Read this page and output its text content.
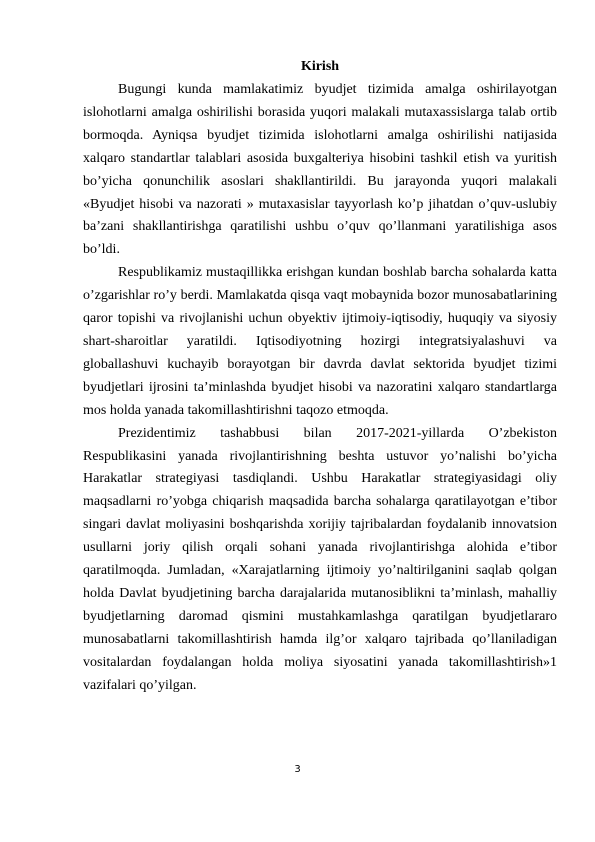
Kirish

Bugungi kunda mamlakatimiz byudjet tizimida amalga oshirilayotgan islohotlarni amalga oshirilishi borasida yuqori malakali mutaxassislarga talab ortib bormoqda. Ayniqsa byudjet tizimida islohotlarni amalga oshirilishi natijasida xalqaro standartlar talablari asosida buxgalteriya hisobini tashkil etish va yuritish bo’yicha qonunchilik asoslari shakllantirildi. Bu jarayonda yuqori malakali «Byudjet hisobi va nazorati » mutaxasislar tayyorlash ko’p jihatdan o’quv-uslubiy ba’zani shakllantirishga qaratilishi ushbu o’quv qo’llanmani yaratilishiga asos bo’ldi.

Respublikamiz mustaqillikka erishgan kundan boshlab barcha sohalarda katta o’zgarishlar ro’y berdi. Mamlakatda qisqa vaqt mobaynida bozor munosabatlarining qaror topishi va rivojlanishi uchun obyektiv ijtimoiy-iqtisodiy, huquqiy va siyosiy shart-sharoitlar yaratildi. Iqtisodiyotning hozirgi integratsiyalashuvi va globallashuvi kuchayib borayotgan bir davrda davlat sektorida byudjet tizimi byudjetlari ijrosini ta’minlashda byudjet hisobi va nazoratini xalqaro standartlarga mos holda yanada takomillashtirishni taqozo etmoqda.

Prezidentimiz tashabbusi bilan 2017-2021-yillarda O’zbekiston Respublikasini yanada rivojlantirishning beshta ustuvor yo’nalishi bo’yicha Harakatlar strategiyasi tasdiqlandi. Ushbu Harakatlar strategiyasidagi oliy maqsadlarni ro’yobga chiqarish maqsadida barcha sohalarga qaratilayotgan e’tibor singari davlat moliyasini boshqarishda xorijiy tajribalardan foydalanib innovatsion usullarni joriy qilish orqali sohani yanada rivojlantirishga alohida e’tibor qaratilmoqda. Jumladan, «Xarajatlarning ijtimoiy yo’naltirilganini saqlab qolgan holda Davlat byudjetining barcha darajalarida mutanosiblikni ta’minlash, mahalliy byudjetlarning daromad qismini mustahkamlashga qaratilgan byudjetlararo munosabatlarni takomillashtirish hamda ilg’or xalqaro tajribada qo’llaniladigan vositalardan foydalangan holda moliya siyosatini yanada takomillashtirish»1 vazifalari qo’yilgan.

3
